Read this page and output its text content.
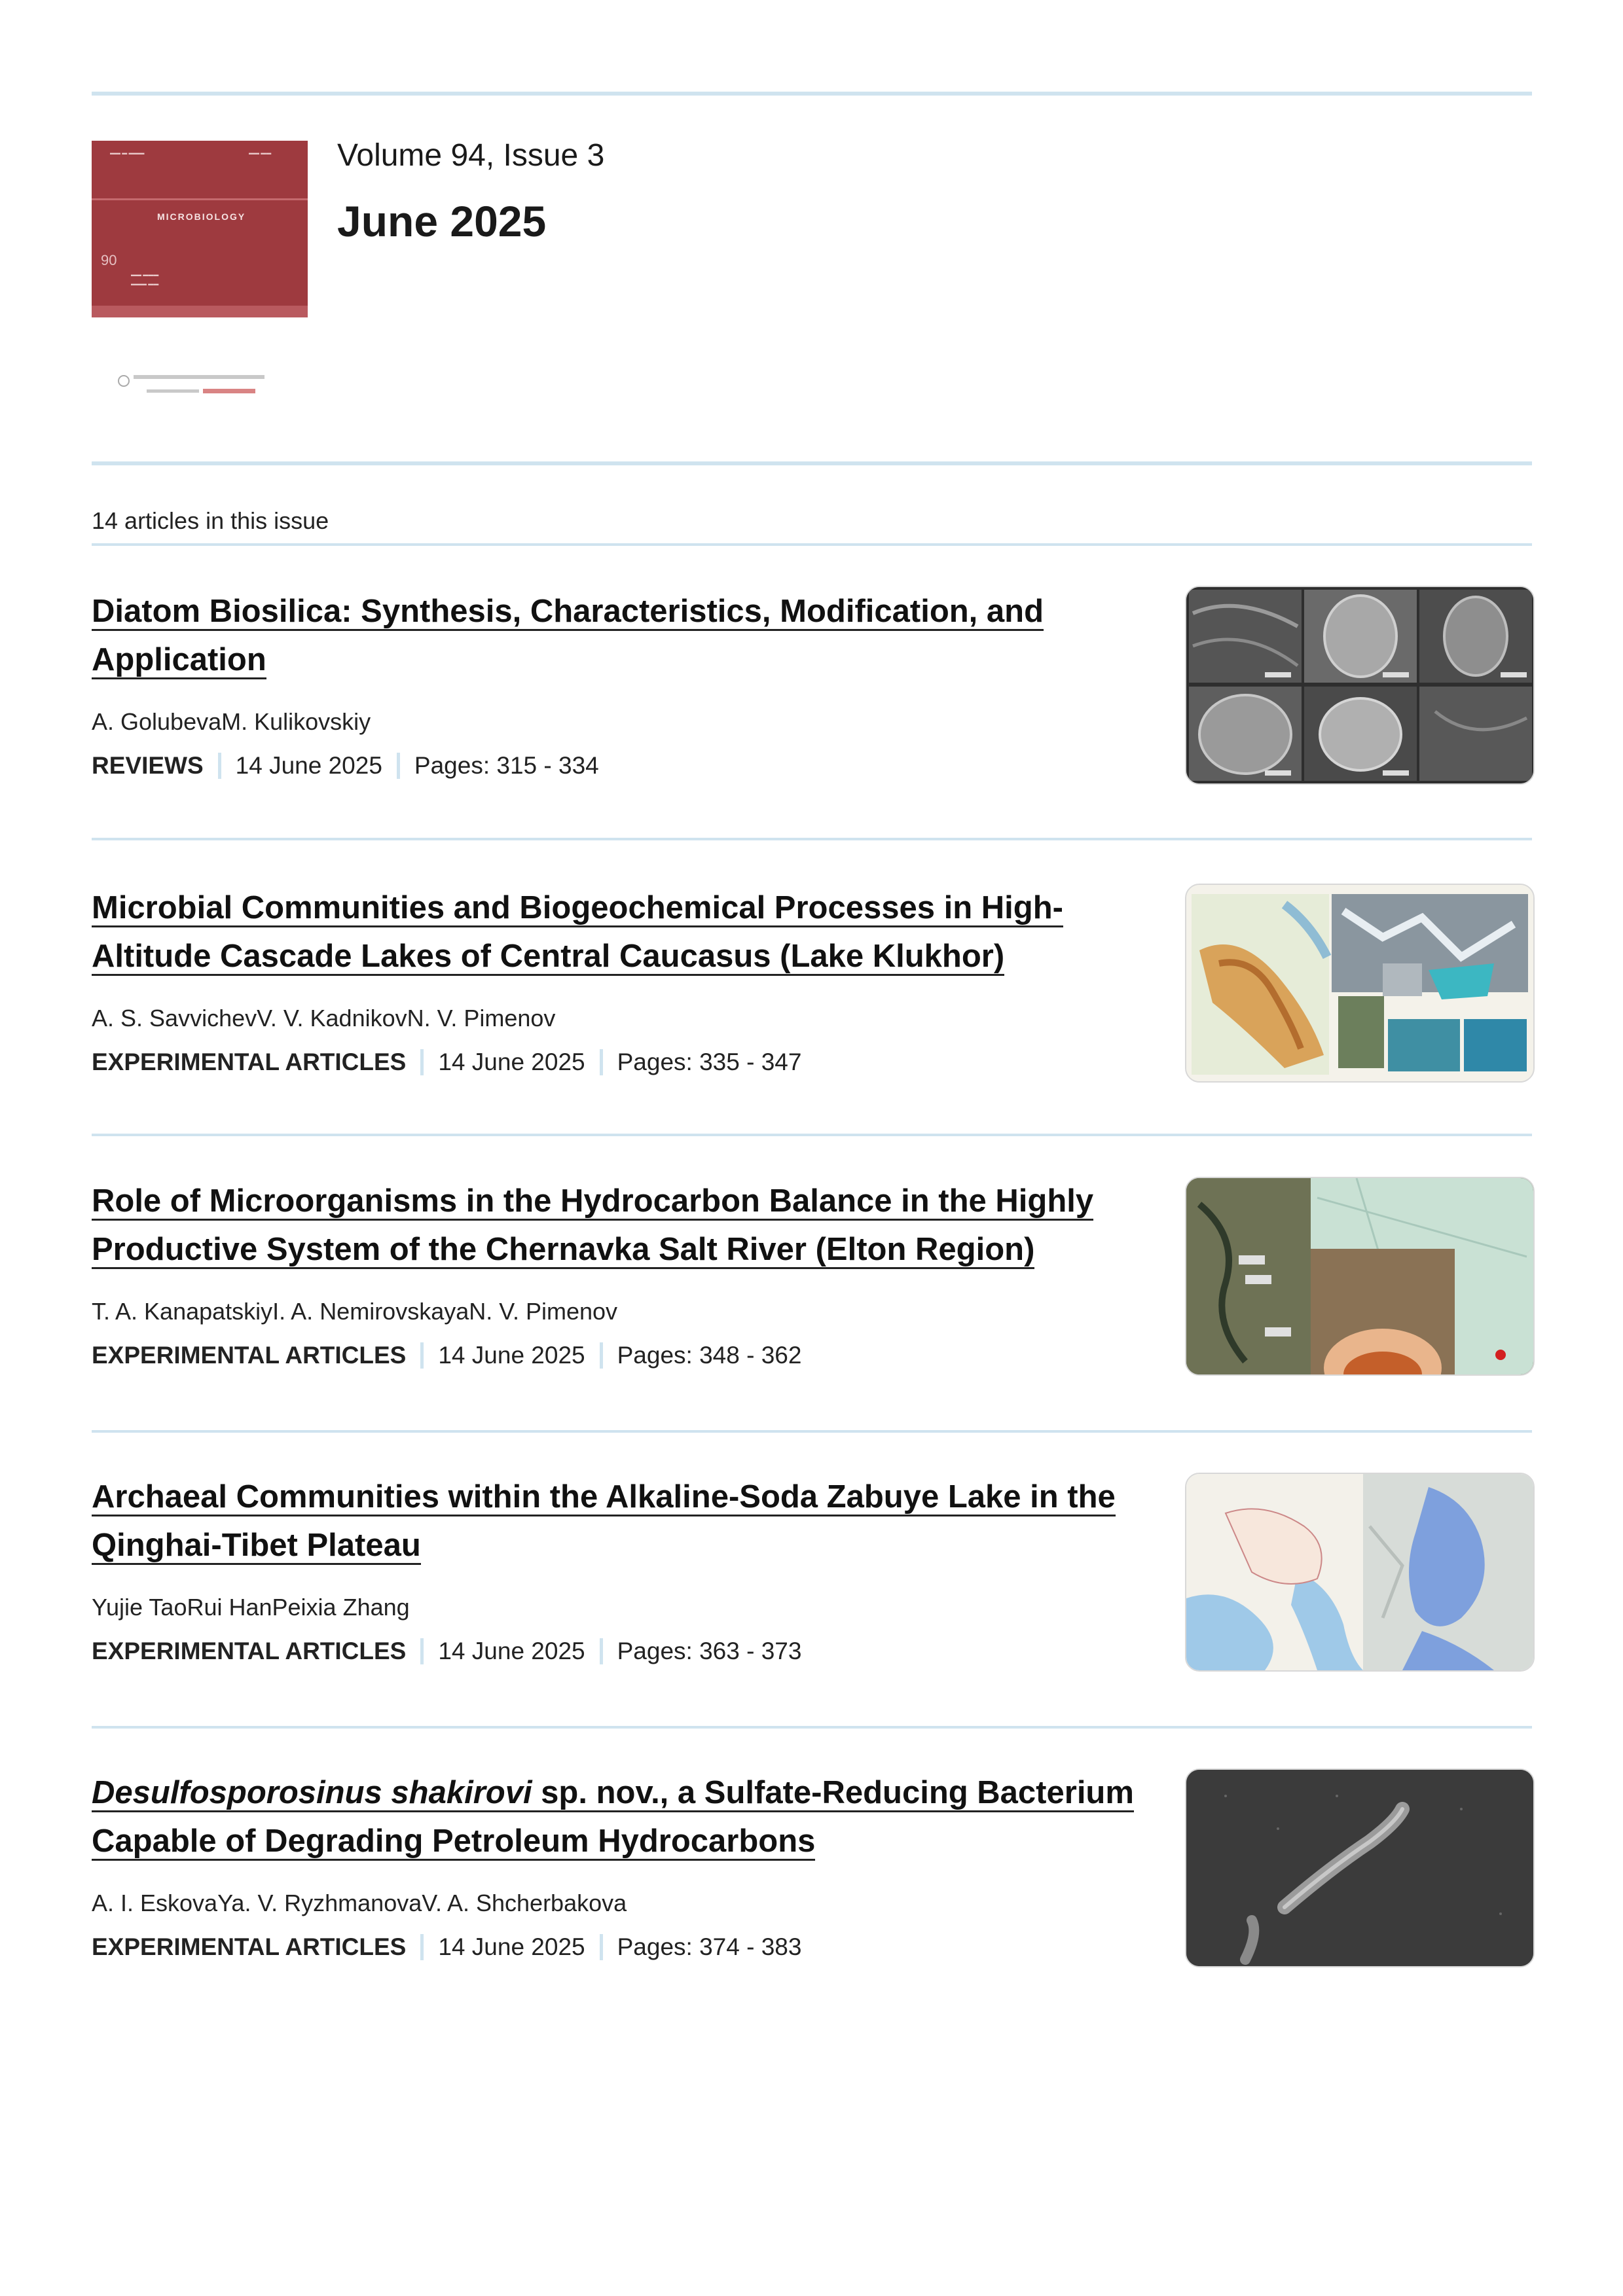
▬▬ ▬ ▬▬▬	▬▬ ▬▬
MICROBIOLOGY
90
▬▬ ▬▬▬
▬▬▬ ▬▬
Volume 94, Issue 3
June 2025
14 articles in this issue
Diatom Biosilica: Synthesis, Characteristics, Modification, and Application
A. GolubevaM. Kulikovskiy
REVIEWS 14 June 2025 Pages: 315 - 334
Microbial Communities and Biogeochemical Processes in High-Altitude Cascade Lakes of Central Caucasus (Lake Klukhor)
A. S. SavvichevV. V. KadnikovN. V. Pimenov
EXPERIMENTAL ARTICLES 14 June 2025 Pages: 335 - 347
Role of Microorganisms in the Hydrocarbon Balance in the Highly Productive System of the Chernavka Salt River (Elton Region)
T. A. KanapatskiyI. A. NemirovskayaN. V. Pimenov
EXPERIMENTAL ARTICLES 14 June 2025 Pages: 348 - 362
Archaeal Communities within the Alkaline-Soda Zabuye Lake in the Qinghai-Tibet Plateau
Yujie TaoRui HanPeixia Zhang
EXPERIMENTAL ARTICLES 14 June 2025 Pages: 363 - 373
Desulfosporosinus shakirovi sp. nov., a Sulfate-Reducing Bacterium Capable of Degrading Petroleum Hydrocarbons
A. I. EskovaYa. V. RyzhmanovaV. A. Shcherbakova
EXPERIMENTAL ARTICLES 14 June 2025 Pages: 374 - 383
